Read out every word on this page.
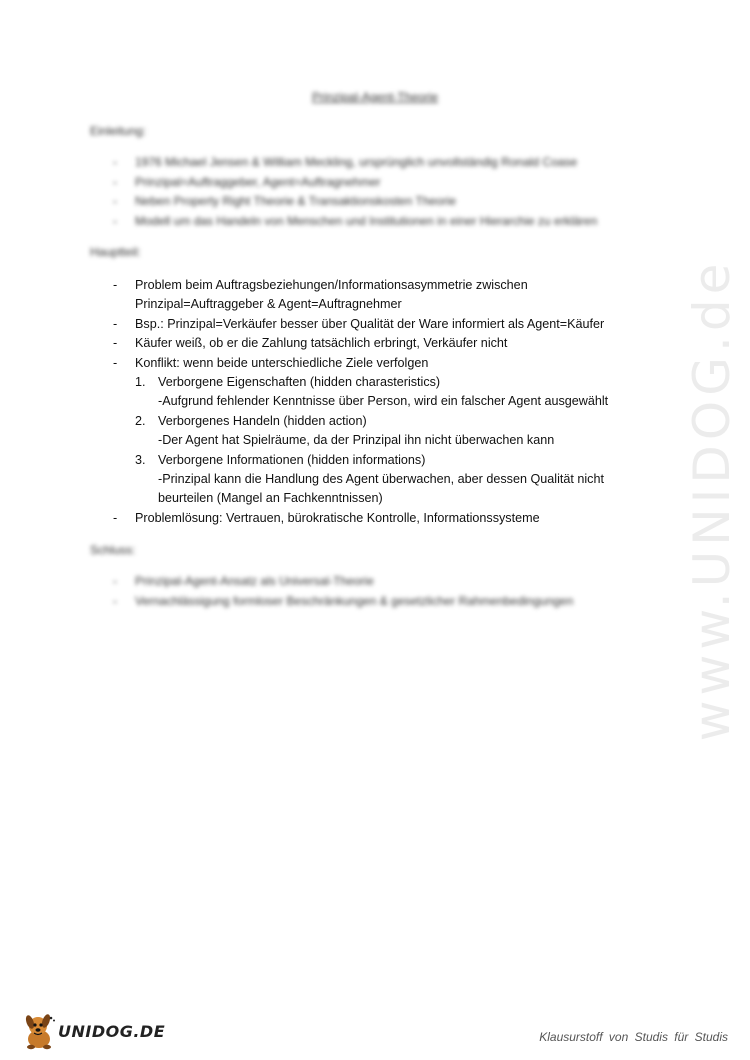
www.UNIDOG.de
Prinzipal-Agent-Theorie
Einleitung:
- 1976 Michael Jensen & William Meckling, ursprünglich unvollständig Ronald Coase
- Prinzipal=Auftraggeber, Agent=Auftragnehmer
- Neben Property Right Theorie & Transaktionskosten Theorie
- Modell um das Handeln von Menschen und Institutionen in einer Hierarchie zu erklären
Hauptteil:
- Problem beim Auftragsbeziehungen/Informationsasymmetrie zwischen
Prinzipal=Auftraggeber & Agent=Auftragnehmer
- Bsp.: Prinzipal=Verkäufer besser über Qualität der Ware informiert als Agent=Käufer
- Käufer weiß, ob er die Zahlung tatsächlich erbringt, Verkäufer nicht
- Konflikt: wenn beide unterschiedliche Ziele verfolgen
1. Verborgene Eigenschaften (hidden charasteristics)
-Aufgrund fehlender Kenntnisse über Person, wird ein falscher Agent ausgewählt
2. Verborgenes Handeln (hidden action)
-Der Agent hat Spielräume, da der Prinzipal ihn nicht überwachen kann
3. Verborgene Informationen (hidden informations)
-Prinzipal kann die Handlung des Agent überwachen, aber dessen Qualität nicht
beurteilen (Mangel an Fachkenntnissen)
- Problemlösung: Vertrauen, bürokratische Kontrolle, Informationssysteme
Schluss:
- Prinzipal-Agent-Ansatz als Universal-Theorie
- Vernachlässigung formloser Beschränkungen & gesetzlicher Rahmenbedingungen
UNIDOG.DE	Klausurstoff von Studis für Studis
